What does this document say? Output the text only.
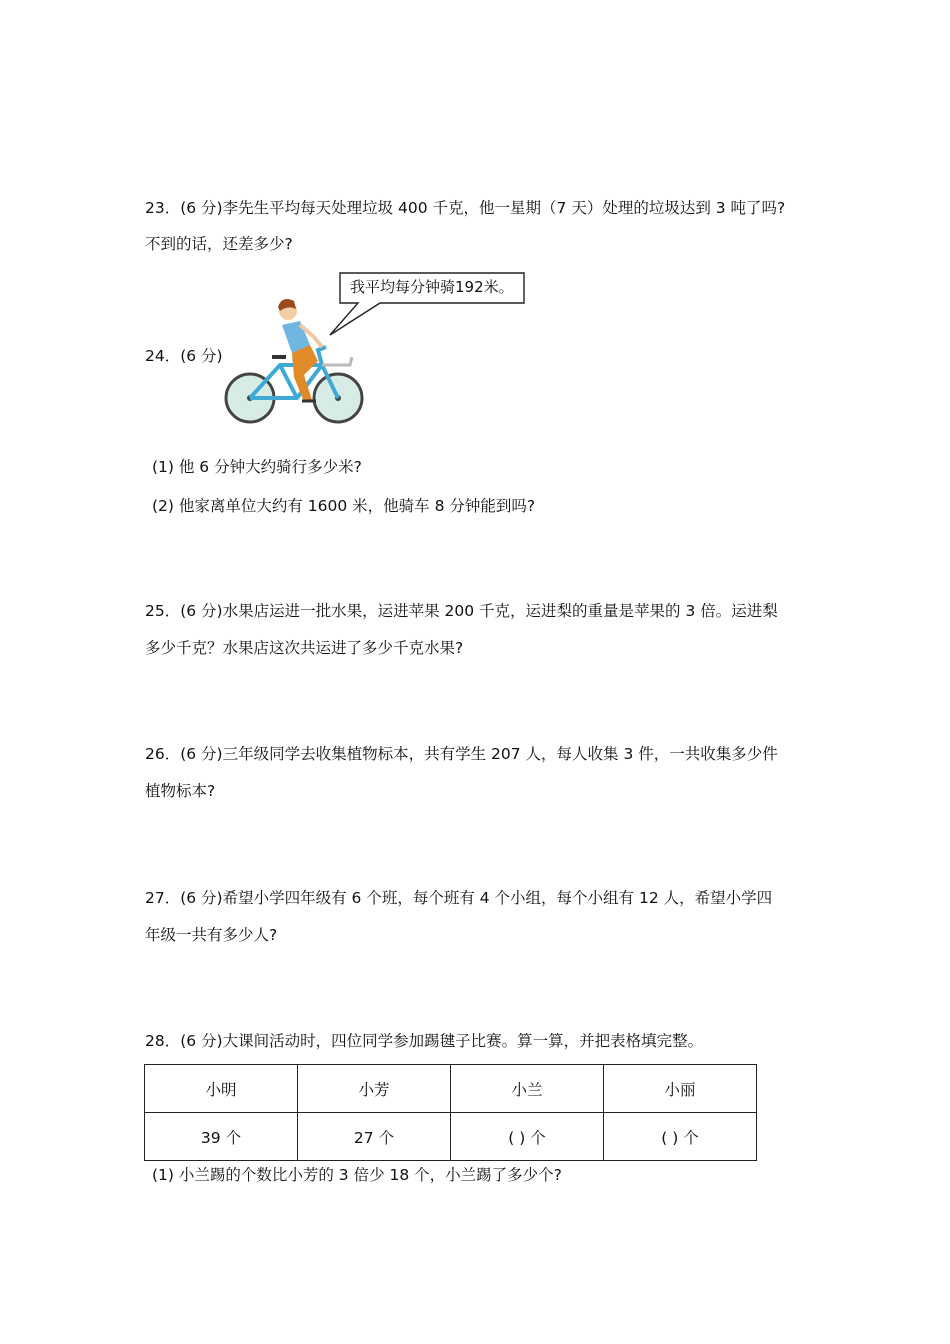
23．(6 分)李先生平均每天处理垃圾 400 千克，他一星期（7 天）处理的垃圾达到 3 吨了吗?
不到的话，还差多少?
24．(6 分)
我平均每分钟骑192米。
(1) 他 6 分钟大约骑行多少米?
(2) 他家离单位大约有 1600 米，他骑车 8 分钟能到吗?
25．(6 分)水果店运进一批水果，运进苹果 200 千克，运进梨的重量是苹果的 3 倍。运进梨
多少千克？水果店这次共运进了多少千克水果?
26．(6 分)三年级同学去收集植物标本，共有学生 207 人，每人收集 3 件，一共收集多少件
植物标本?
27．(6 分)希望小学四年级有 6 个班，每个班有 4 个小组，每个小组有 12 人，希望小学四
年级一共有多少人?
28．(6 分)大课间活动时，四位同学参加踢毽子比赛。算一算，并把表格填完整。
小明	小芳	小兰	小丽
39 个	27 个	( ) 个	( ) 个
(1) 小兰踢的个数比小芳的 3 倍少 18 个，小兰踢了多少个?
